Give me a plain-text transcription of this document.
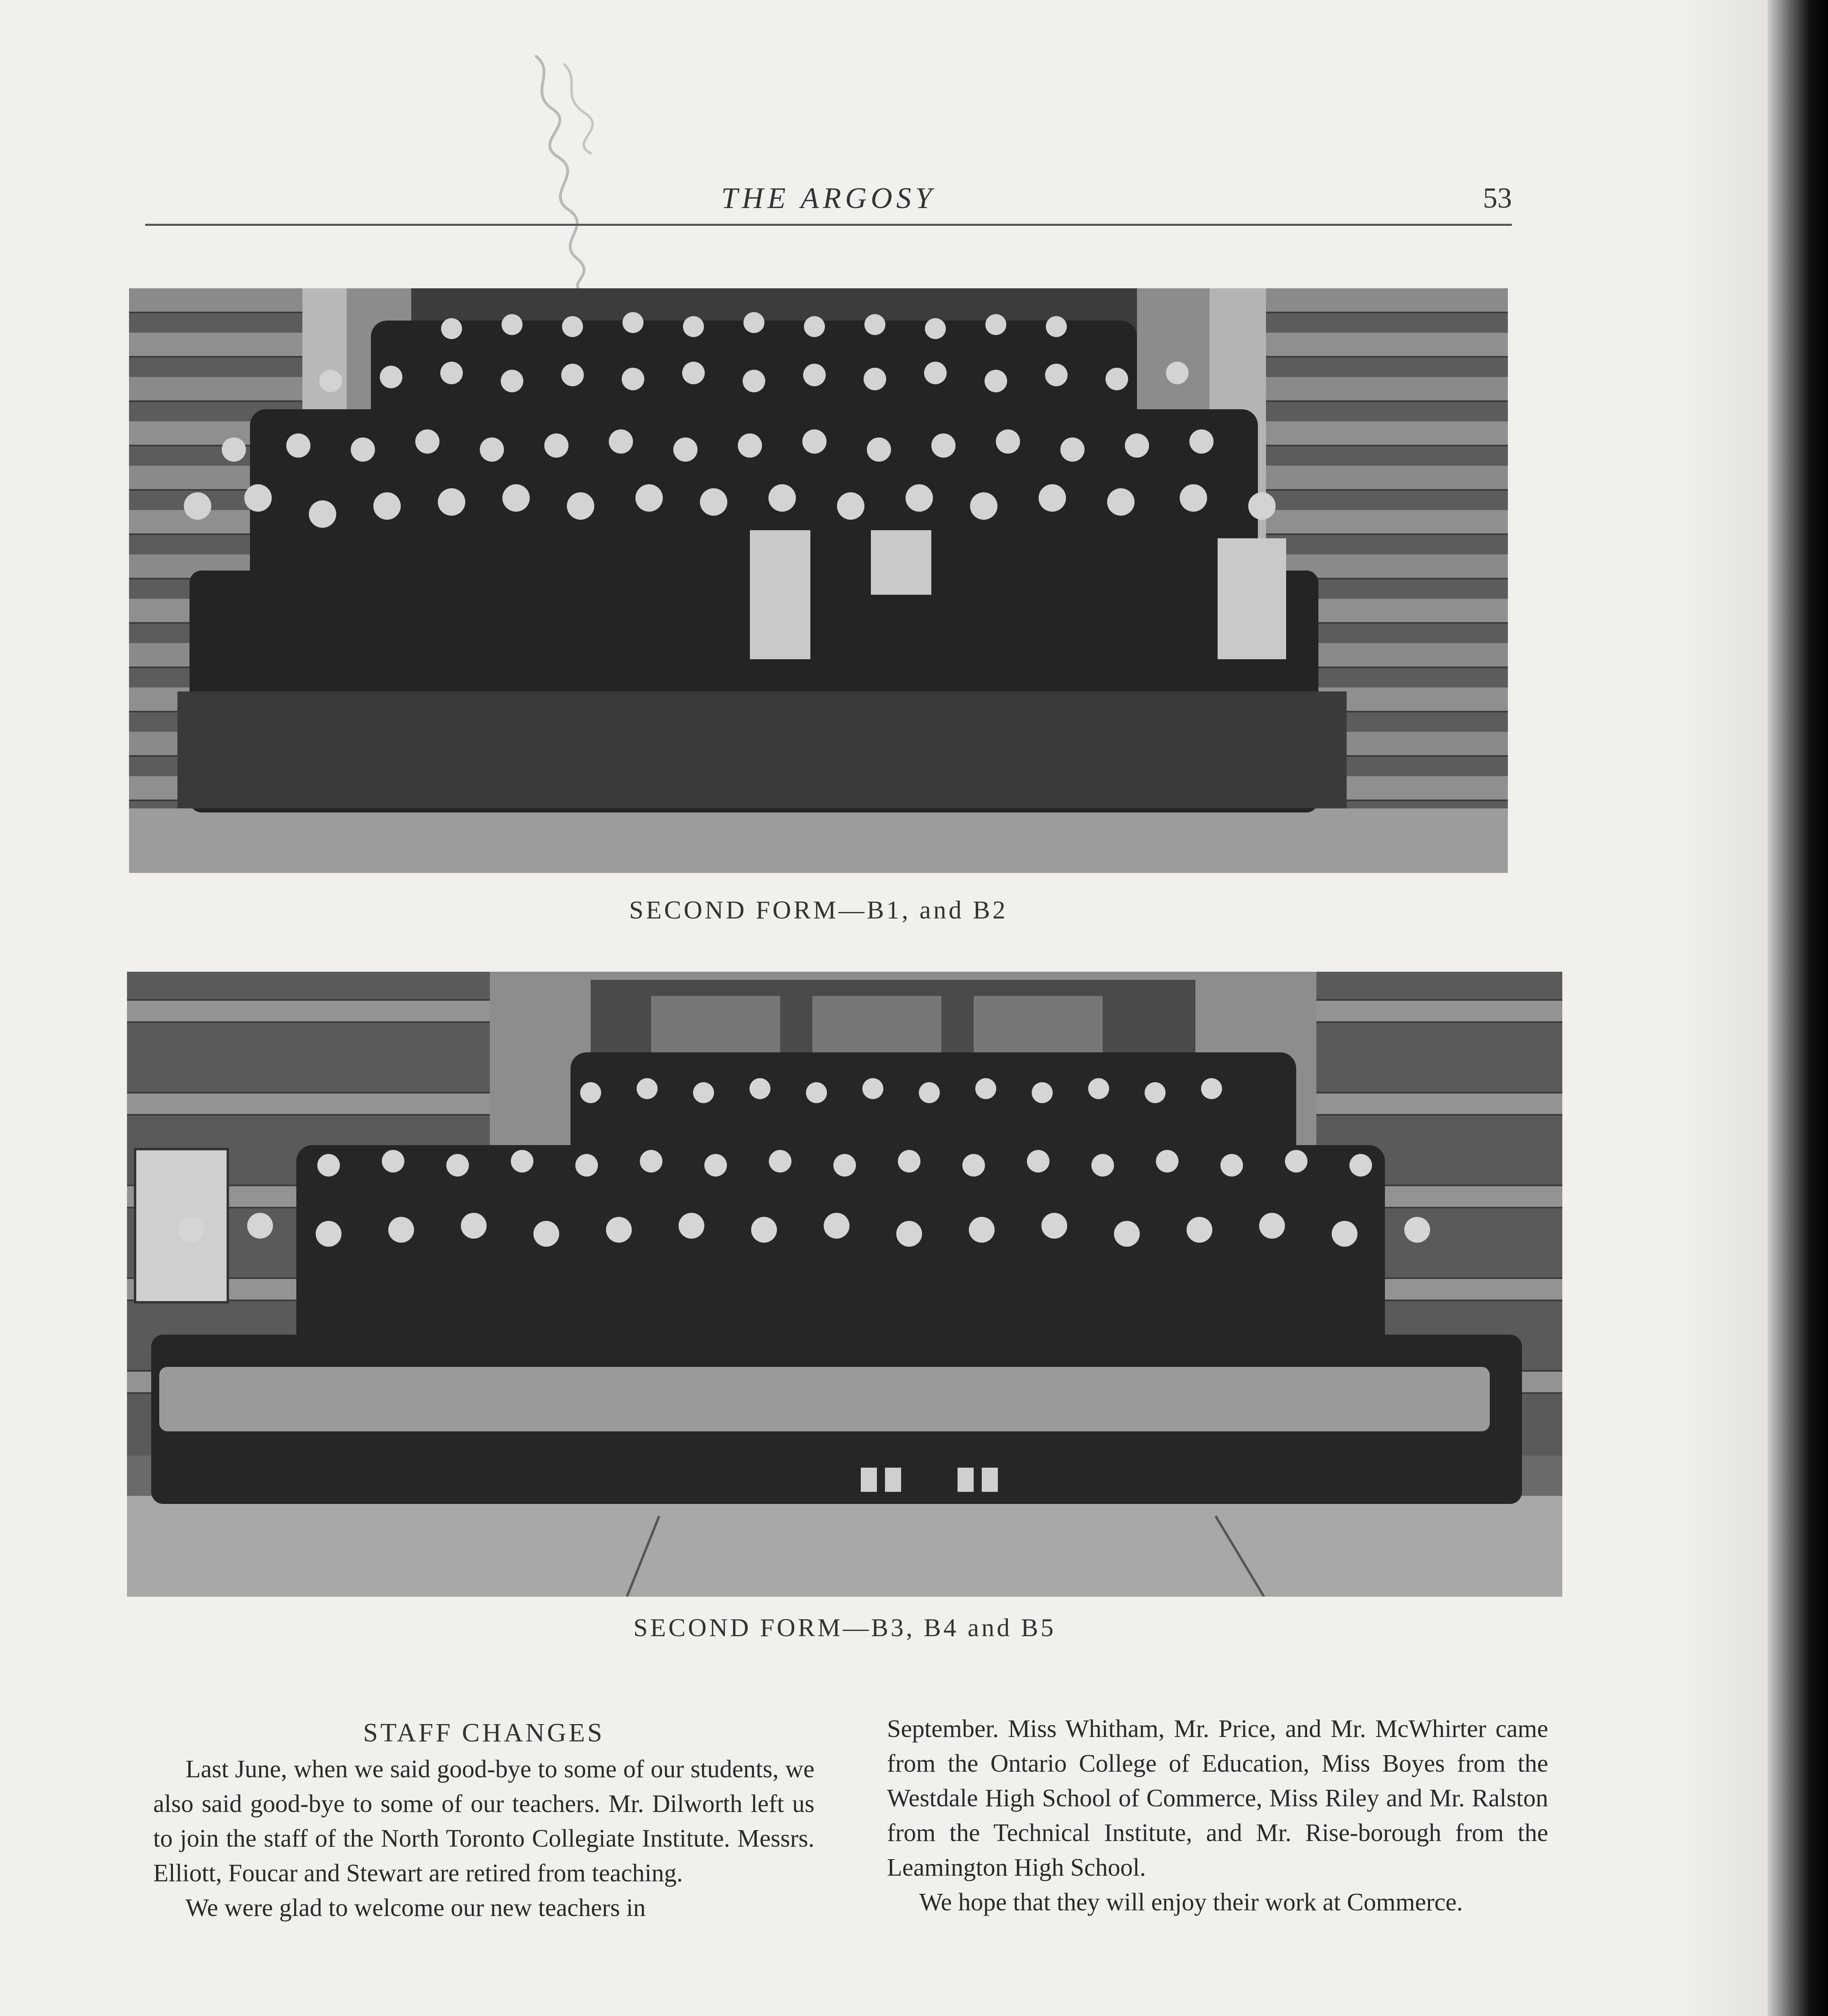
THE ARGOSY	53
SECOND FORM—B1, and B2
SECOND FORM—B3, B4 and B5
STAFF CHANGES

Last June, when we said good-bye to some of our students, we also said good-bye to some of our teachers. Mr. Dilworth left us to join the staff of the North Toronto Collegiate Institute. Messrs. Elliott, Foucar and Stewart are retired from teaching.

We were glad to welcome our new teachers in

September. Miss Whitham, Mr. Price, and Mr. McWhirter came from the Ontario College of Education, Miss Boyes from the Westdale High School of Commerce, Miss Riley and Mr. Ralston from the Technical Institute, and Mr. Rise-borough from the Leamington High School.

We hope that they will enjoy their work at Commerce.
